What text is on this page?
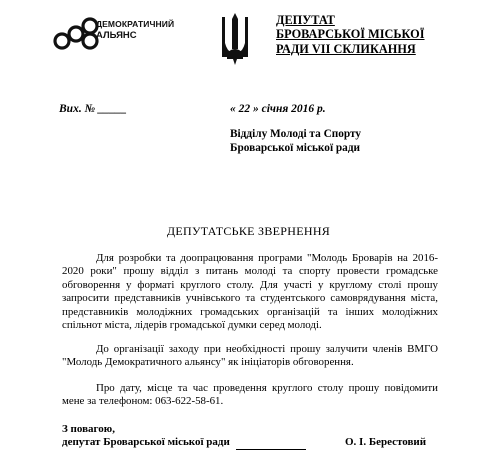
ДЕМОКРАТИЧНИЙ
АЛЬЯНС
ДЕПУТАТ
БРОВАРСЬКОЇ МІСЬКОЇ
РАДИ VII СКЛИКАННЯ
Вих. № _____	« 22 » січня 2016 р.
Відділу Молоді та Спорту
Броварської міської ради
ДЕПУТАТСЬКЕ ЗВЕРНЕННЯ
Для розробки та доопрацювання програми "Молодь Броварів на 2016-
2020 роки" прошу відділ з питань молоді та спорту провести громадське
обговорення у форматі круглого столу. Для участі у круглому столі прошу
запросити представників учнівського та студентського самоврядування міста,
представників молодіжних громадських організацій та інших молодіжних
спільнот міста, лідерів громадської думки серед молоді.
До організації заходу при необхідності прошу залучити членів ВМГО
"Молодь Демократичного альянсу" як ініціаторів обговорення.
Про дату, місце та час проведення круглого столу прошу повідомити
мене за телефоном: 063-622-58-61.
З повагою,
депутат Броварської міської ради	О. І. Берестовий
